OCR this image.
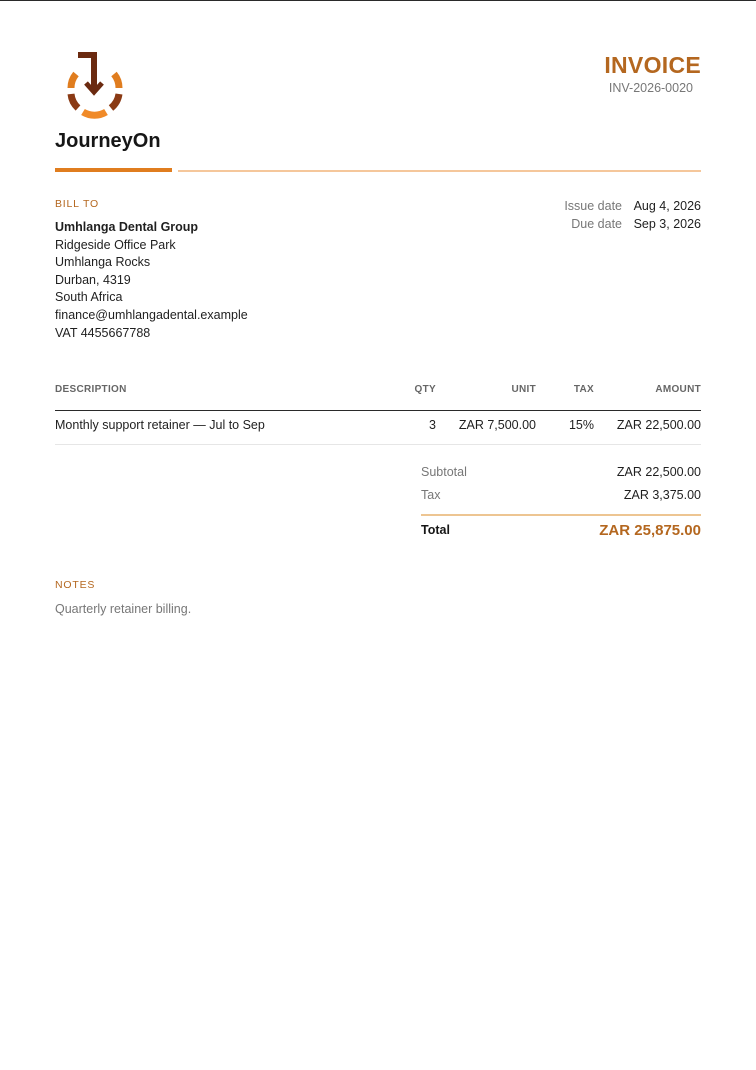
JourneyOn
INVOICE
INV-2026-0020
BILL TO
Umhlanga Dental Group
Ridgeside Office Park
Umhlanga Rocks
Durban, 4319
South Africa
finance@umhlangadental.example
VAT 4455667788
Issue date Aug 4, 2026
Due date Sep 3, 2026
DESCRIPTION	QTY	UNIT	TAX	AMOUNT
Monthly support retainer — Jul to Sep	3 ZAR 7,500.00	15% ZAR 22,500.00
Subtotal	ZAR 22,500.00
Tax	ZAR 3,375.00
Total	ZAR 25,875.00
NOTES
Quarterly retainer billing.
